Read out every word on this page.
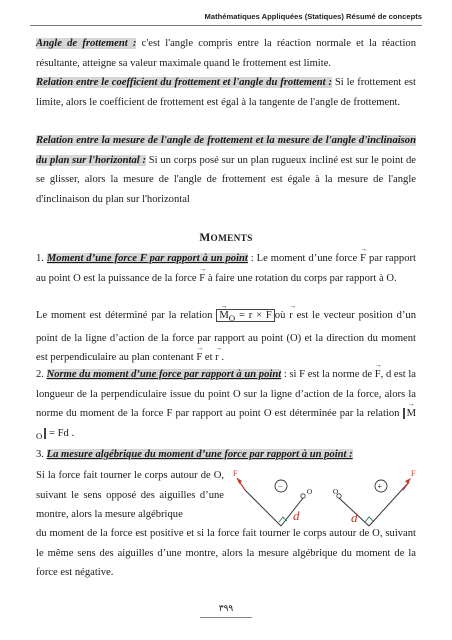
Mathématiques Appliquées (Statiques) Résumé de concepts
Angle de frottement : c'est l'angle compris entre la réaction normale et la réaction résultante, atteigne sa valeur maximale quand le frottement est limite.
Relation entre le coefficient du frottement et l'angle du frottement : Si le frottement est limite, alors le coefficient de frottement est égal à la tangente de l'angle de frottement.
Relation entre la mesure de l'angle de frottement et la mesure de l'angle d'inclinaison du plan sur l'horizontal : Si un corps posé sur un plan rugueux incliné est sur le point de se glisser, alors la mesure de l'angle de frottement est égale à la mesure de l'angle d'inclinaison du plan sur l'horizontal
MOMENTS
1. Moment d’une force F par rapport à un point : Le moment d’une force → F par rapport au point O est la puissance de la force → F à faire une rotation du corps par rapport à O.
Le moment est déterminé par la relation → $M_O = r \times F$ où → r est le vecteur position d’un point de la ligne d’action de la force par rapport au point (O) et la direction du moment est perpendiculaire au plan contenant → F et → r .
2. Norme du moment d’une force par rapport à un point : si F est la norme de → F, d est la longueur de la perpendiculaire issue du point O sur la ligne d’action de la force, alors la norme du moment de la force F par rapport au point O est déterminée par la relation → $M_O = Fd$ .
3. La mesure algébrique du moment d’une force par rapport à un point :
Si la force fait tourner le corps autour de O, suivant le sens opposé des aiguilles d’une montre, alors la mesure algébrique
du moment de la force est positive et si la force fait tourner le corps autour de O, suivant le même sens des aiguilles d’une montre, alors la mesure algébrique du moment de la force est négative.
F
O
d
−
O
F
d
+
٣٩٩
